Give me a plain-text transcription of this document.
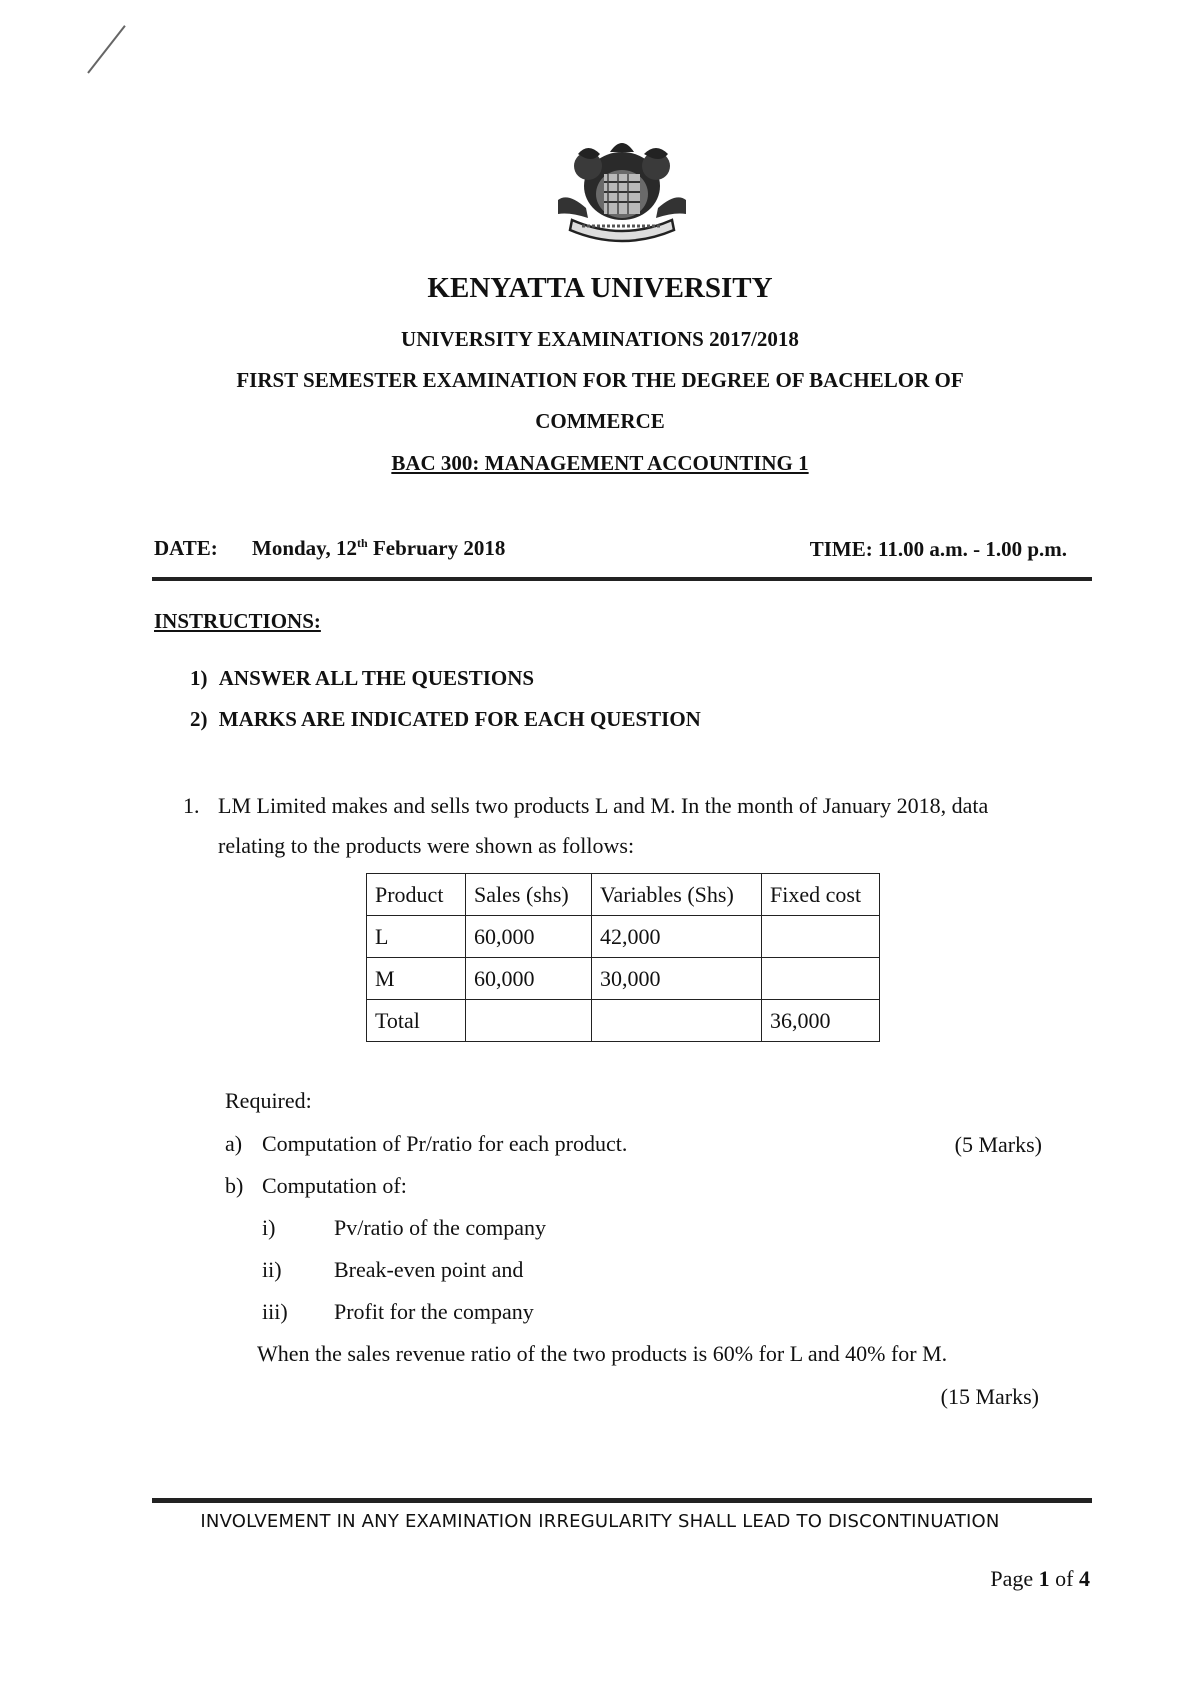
KENYATTA UNIVERSITY
UNIVERSITY EXAMINATIONS 2017/2018
FIRST SEMESTER EXAMINATION FOR THE DEGREE OF BACHELOR OF
COMMERCE
BAC 300: MANAGEMENT ACCOUNTING 1
DATE: Monday, 12th February 2018	TIME: 11.00 a.m. - 1.00 p.m.
INSTRUCTIONS:
1) ANSWER ALL THE QUESTIONS
2) MARKS ARE INDICATED FOR EACH QUESTION
1. LM Limited makes and sells two products L and M. In the month of January 2018, data
relating to the products were shown as follows:
Product	Sales (shs)	Variables (Shs)	Fixed cost
L	60,000	42,000	
M	60,000	30,000	
Total			36,000
Required:
a) Computation of Pr/ratio for each product.	(5 Marks)
b) Computation of:
i)	Pv/ratio of the company
ii) Break-even point and
iii) Profit for the company
When the sales revenue ratio of the two products is 60% for L and 40% for M.
(15 Marks)
INVOLVEMENT IN ANY EXAMINATION IRREGULARITY SHALL LEAD TO DISCONTINUATION
Page 1 of 4
